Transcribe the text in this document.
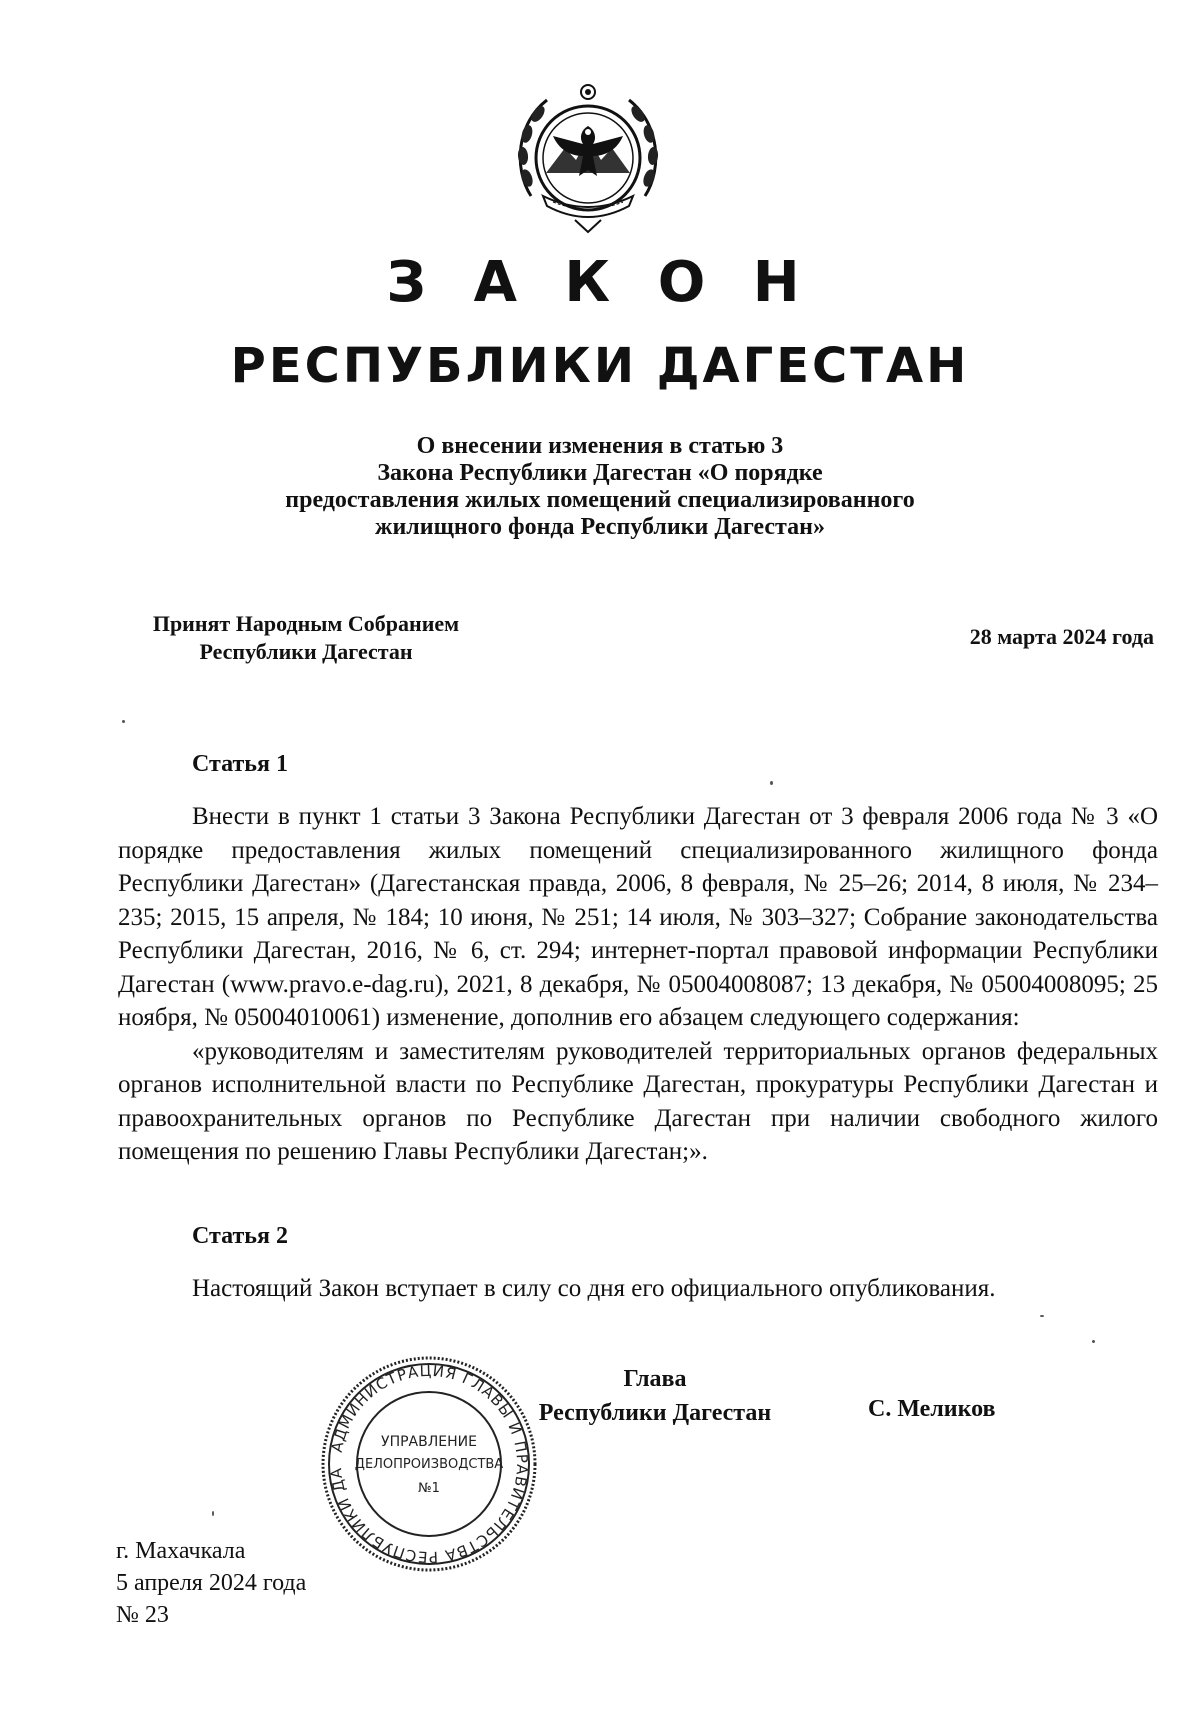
З А К О Н
РЕСПУБЛИКИ ДАГЕСТАН
О внесении изменения в статью 3
Закона Республики Дагестан «О порядке
предоставления жилых помещений специализированного
жилищного фонда Республики Дагестан»
Принят Народным Собранием
Республики Дагестан
28 марта 2024 года
Статья 1
Внести в пункт 1 статьи 3 Закона Республики Дагестан от 3 февраля 2006 года № 3 «О порядке предоставления жилых помещений специализированного жилищного фонда Республики Дагестан» (Дагестанская правда, 2006, 8 февраля, № 25–26; 2014, 8 июля, № 234–235; 2015, 15 апреля, № 184; 10 июня, № 251; 14 июля, № 303–327; Собрание законодательства Республики Дагестан, 2016, № 6, ст. 294; интернет-портал правовой информации Республики Дагестан (www.pravo.e-dag.ru), 2021, 8 декабря, № 05004008087; 13 декабря, № 05004008095; 25 ноября, № 05004010061) изменение, дополнив его абзацем следующего содержания:
«руководителям и заместителям руководителей территориальных органов федеральных органов исполнительной власти по Республике Дагестан, прокуратуры Республики Дагестан и правоохранительных органов по Республике Дагестан при наличии свободного жилого помещения по решению Главы Республики Дагестан;».
Статья 2
Настоящий Закон вступает в силу со дня его официального опубликования.
АДМИНИСТРАЦИЯ ГЛАВЫ И ПРАВИТЕЛЬСТВА РЕСПУБЛИКИ ДА
УПРАВЛЕНИЕ
ДЕЛОПРОИЗВОДСТВА
№1
Глава
Республики Дагестан	С. Меликов
г. Махачкала
5 апреля 2024 года
№ 23
